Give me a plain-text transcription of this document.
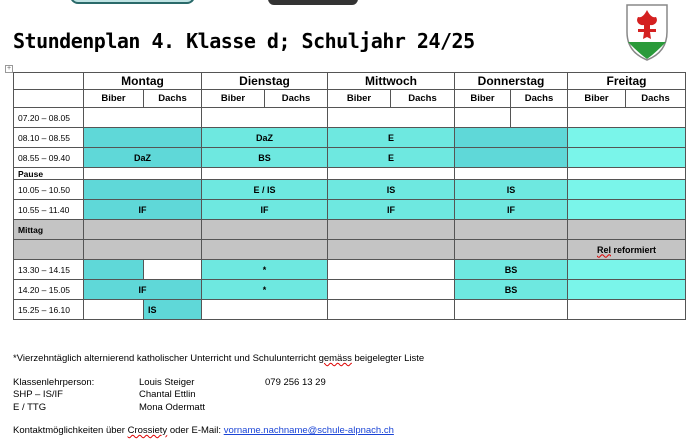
Stundenplan 4. Klasse d; Schuljahr 24/25
+
	Montag		Dienstag		Mittwoch		Donnerstag		Freitag	
	Biber	Dachs	Biber	Dachs	Biber	Dachs	Biber	Dachs	Biber	Dachs
07.20 – 08.05										
08.10 – 08.55			DaZ		E					
08.55 – 09.40	DaZ		BS		E					
Pause										
10.05 – 10.50			E / IS		IS		IS			
10.55 – 11.40	IF		IF		IF		IF			
Mittag										
									Rel reformiert	
13.30 – 14.15			*				BS			
14.20 – 15.05	IF		*				BS			
15.25 – 16.10		IS								
*Vierzehntäglich alternierend katholischer Unterricht und Schulunterricht gemäss beigelegter Liste
Klassenlehrperson:	Louis Steiger	079 256 13 29
SHP – IS/IF	Chantal Ettlin
E / TTG	Mona Odermatt
Kontaktmöglichkeiten über Crossiety oder E-Mail: vorname.nachname@schule-alpnach.ch
